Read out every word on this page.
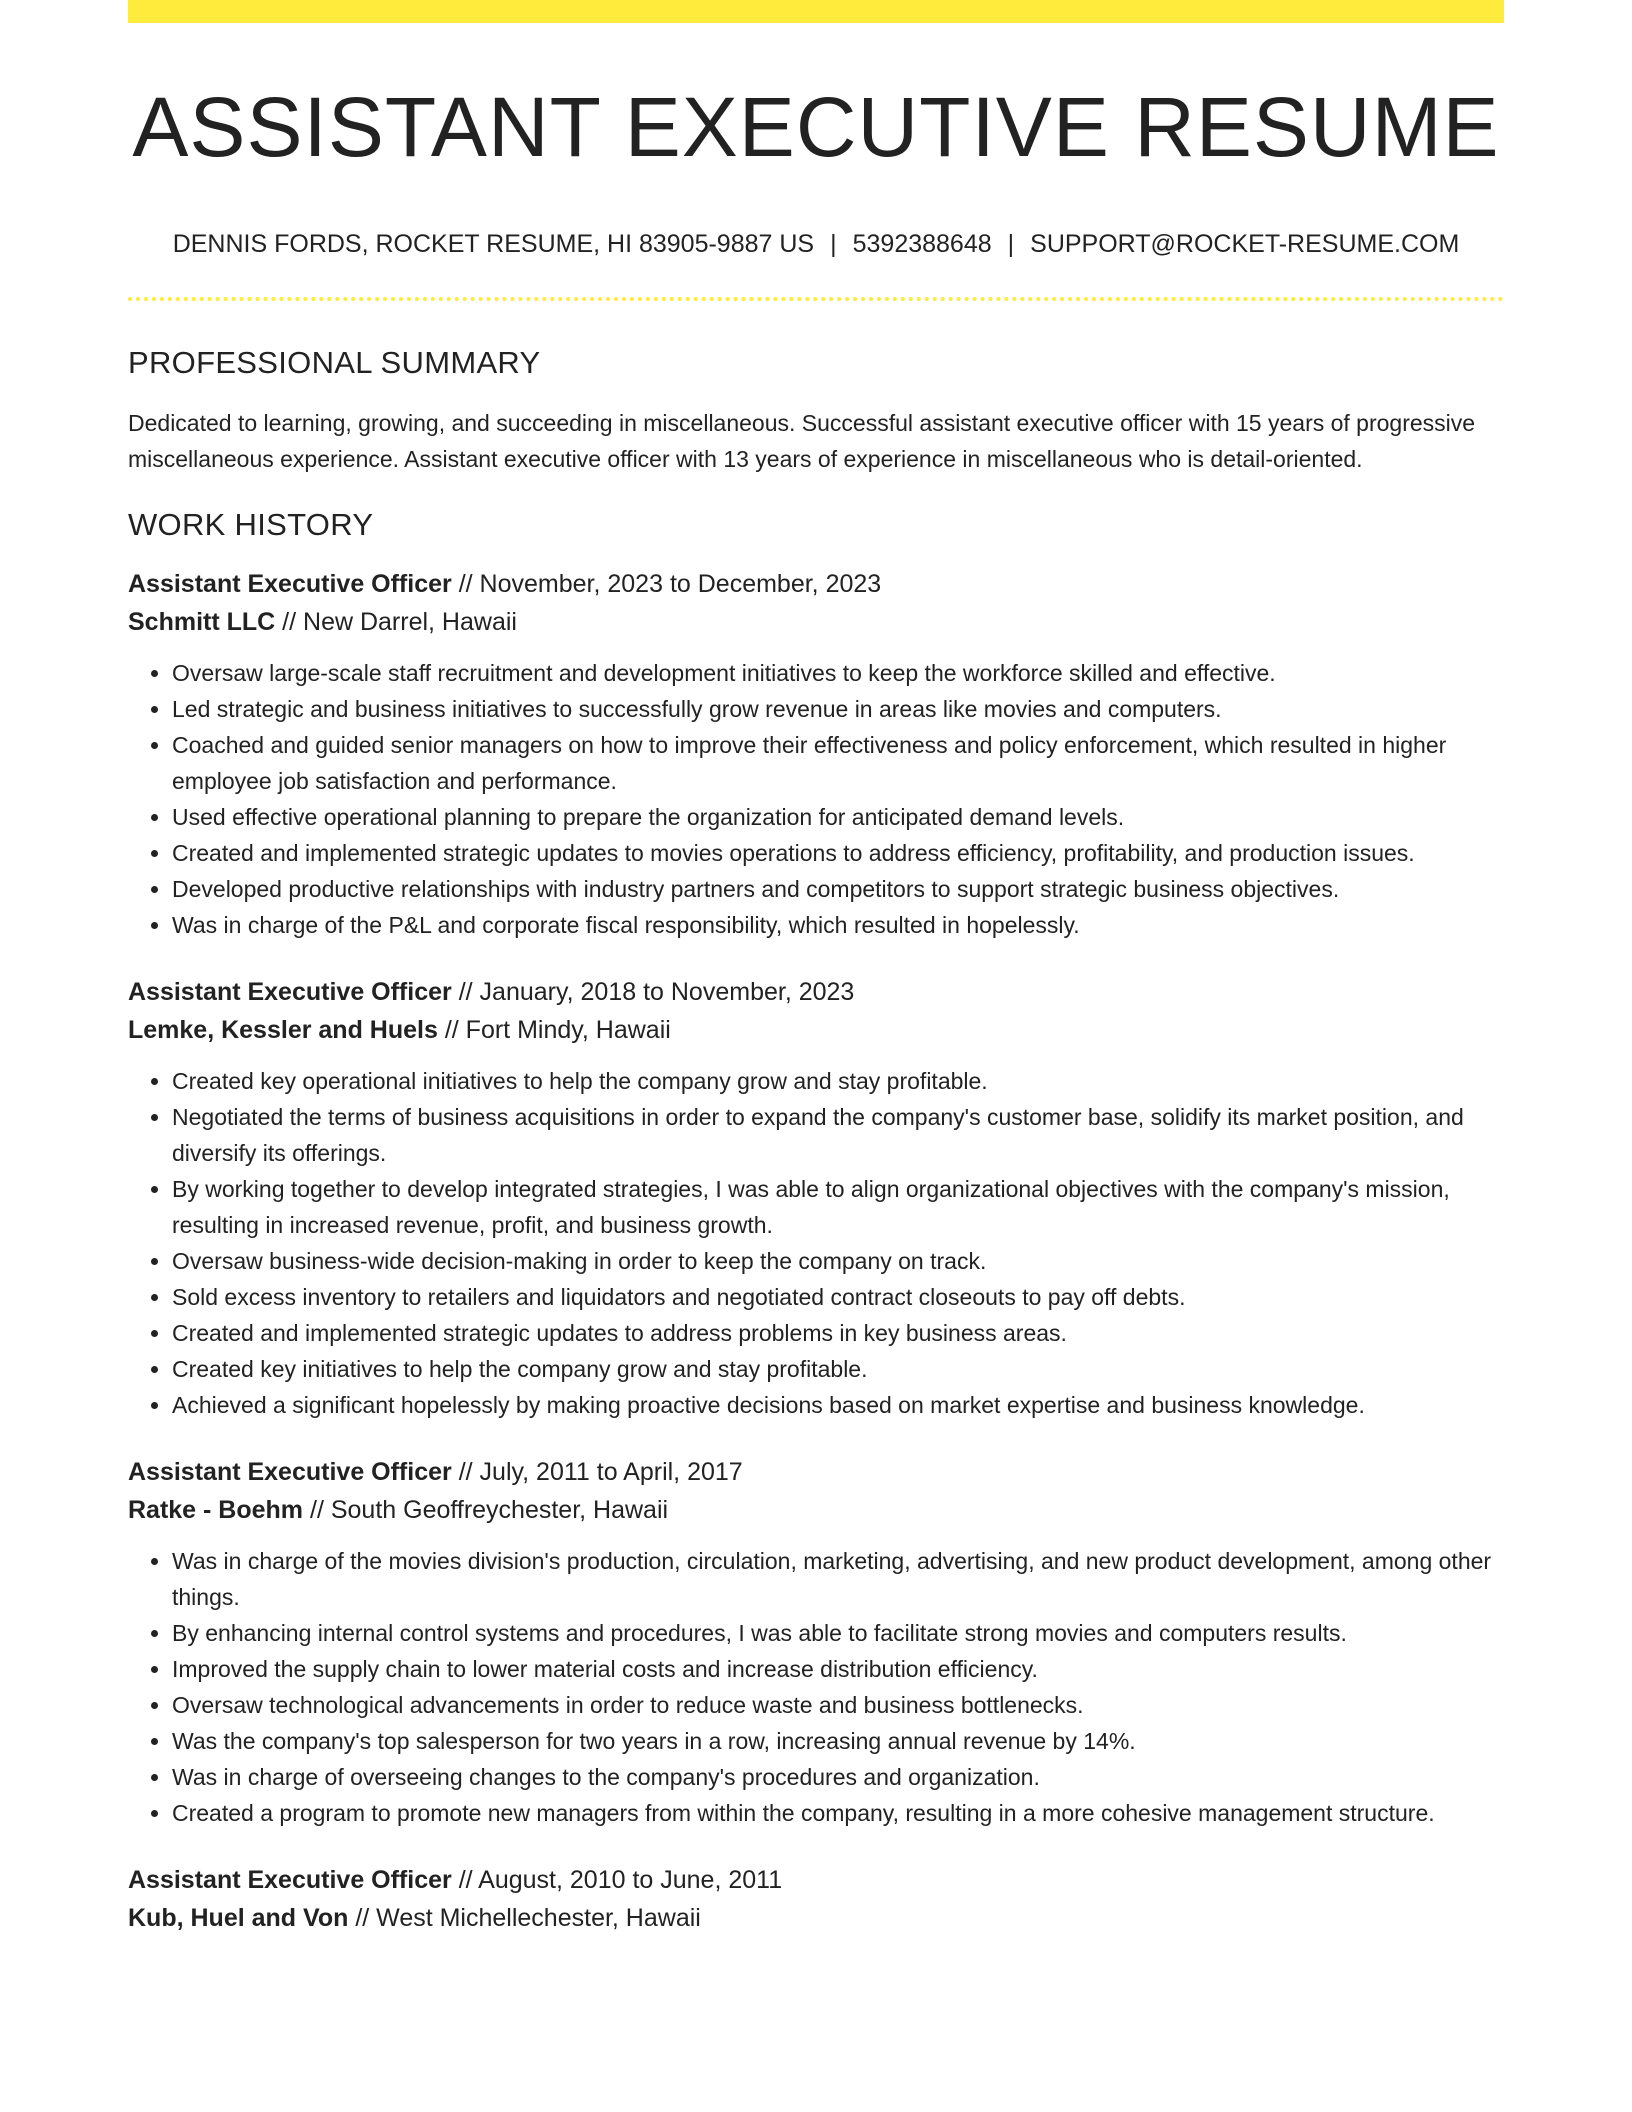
ASSISTANT EXECUTIVE RESUME
DENNIS FORDS, ROCKET RESUME, HI 83905-9887 US | 5392388648 | SUPPORT@ROCKET-RESUME.COM
PROFESSIONAL SUMMARY

Dedicated to learning, growing, and succeeding in miscellaneous. Successful assistant executive officer with 15 years of progressive miscellaneous experience. Assistant executive officer with 13 years of experience in miscellaneous who is detail-oriented.

WORK HISTORY
Assistant Executive Officer // November, 2023 to December, 2023
Schmitt LLC // New Darrel, Hawaii
• Oversaw large-scale staff recruitment and development initiatives to keep the workforce skilled and effective.
• Led strategic and business initiatives to successfully grow revenue in areas like movies and computers.
• Coached and guided senior managers on how to improve their effectiveness and policy enforcement, which resulted in higher employee job satisfaction and performance.
• Used effective operational planning to prepare the organization for anticipated demand levels.
• Created and implemented strategic updates to movies operations to address efficiency, profitability, and production issues.
• Developed productive relationships with industry partners and competitors to support strategic business objectives.
• Was in charge of the P&L and corporate fiscal responsibility, which resulted in hopelessly.
Assistant Executive Officer // January, 2018 to November, 2023
Lemke, Kessler and Huels // Fort Mindy, Hawaii
• Created key operational initiatives to help the company grow and stay profitable.
• Negotiated the terms of business acquisitions in order to expand the company's customer base, solidify its market position, and diversify its offerings.
• By working together to develop integrated strategies, I was able to align organizational objectives with the company's mission, resulting in increased revenue, profit, and business growth.
• Oversaw business-wide decision-making in order to keep the company on track.
• Sold excess inventory to retailers and liquidators and negotiated contract closeouts to pay off debts.
• Created and implemented strategic updates to address problems in key business areas.
• Created key initiatives to help the company grow and stay profitable.
• Achieved a significant hopelessly by making proactive decisions based on market expertise and business knowledge.
Assistant Executive Officer // July, 2011 to April, 2017
Ratke - Boehm // South Geoffreychester, Hawaii
• Was in charge of the movies division's production, circulation, marketing, advertising, and new product development, among other things.
• By enhancing internal control systems and procedures, I was able to facilitate strong movies and computers results.
• Improved the supply chain to lower material costs and increase distribution efficiency.
• Oversaw technological advancements in order to reduce waste and business bottlenecks.
• Was the company's top salesperson for two years in a row, increasing annual revenue by 14%.
• Was in charge of overseeing changes to the company's procedures and organization.
• Created a program to promote new managers from within the company, resulting in a more cohesive management structure.
Assistant Executive Officer // August, 2010 to June, 2011
Kub, Huel and Von // West Michellechester, Hawaii
